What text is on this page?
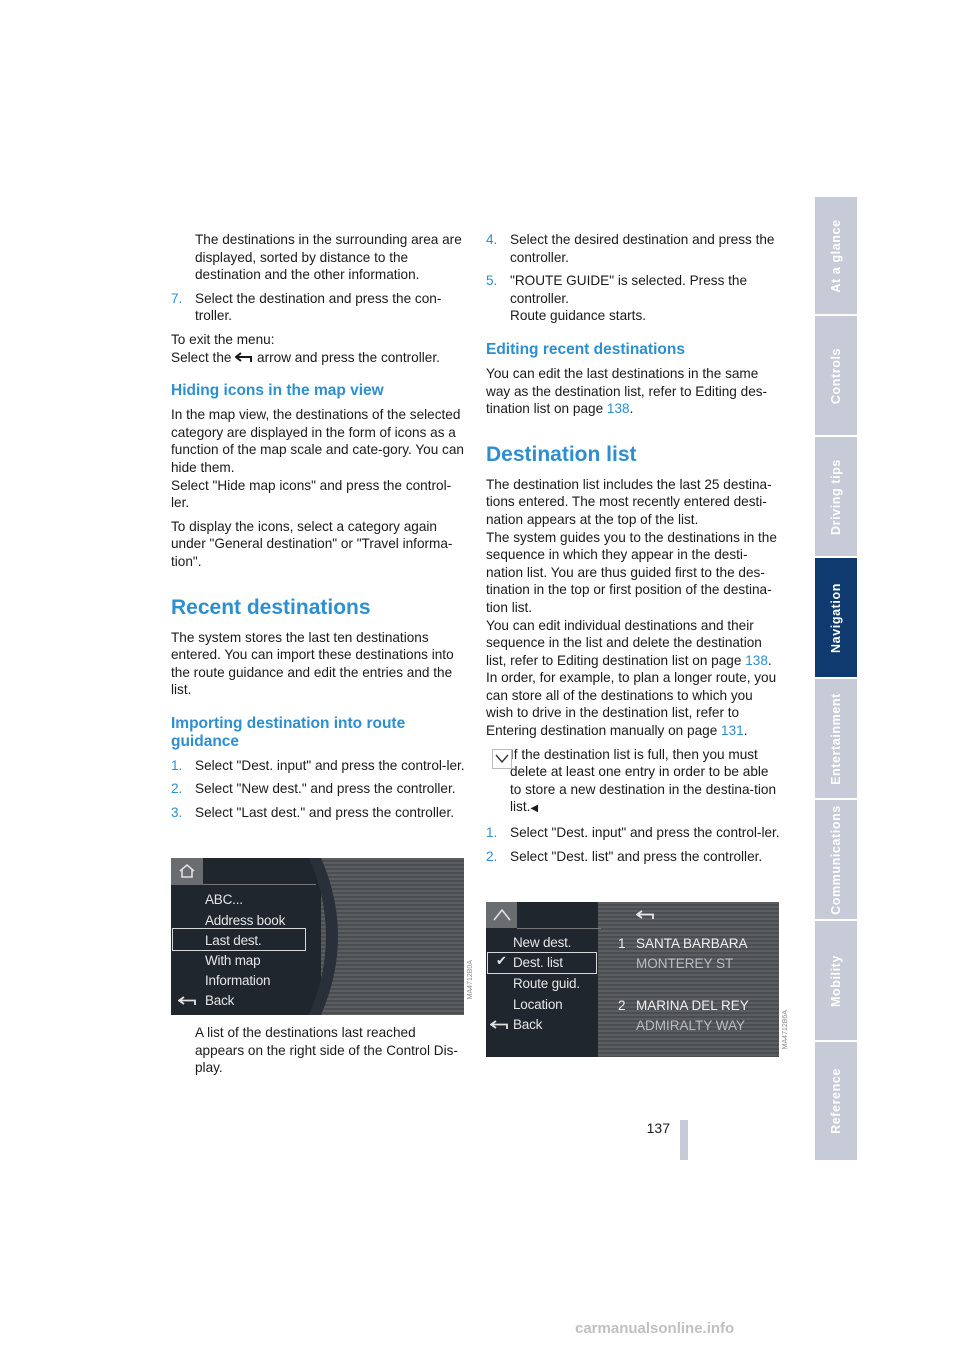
The destinations in the surrounding area are displayed, sorted by distance to the destination and the other information.

7. Select the destination and press the con-troller.

To exit the menu:
Select the arrow and press the controller.

Hiding icons in the map view

In the map view, the destinations of the selected category are displayed in the form of icons as a function of the map scale and cate-gory. You can hide them.

Select "Hide map icons" and press the control-ler.

To display the icons, select a category again under "General destination" or "Travel informa-tion".

Recent destinations

The system stores the last ten destinations entered. You can import these destinations into the route guidance and edit the entries and the list.

Importing destination into route guidance
1. Select "Dest. input" and press the control-ler.
2. Select "New dest." and press the controller.
3. Select "Last dest." and press the controller.
ABC...
Address book
Last dest.
With map
Information
Back
MA4712B0A

A list of the destinations last reached appears on the right side of the Control Dis-play.

4. Select the desired destination and press the controller.
5. "ROUTE GUIDE" is selected. Press the controller.

Route guidance starts.

Editing recent destinations

You can edit the last destinations in the same way as the destination list, refer to Editing des-tination list on page 138.

Destination list

The destination list includes the last 25 destina-tions entered. The most recently entered desti-nation appears at the top of the list.

The system guides you to the destinations in the sequence in which they appear in the desti-nation list. You are thus guided first to the des-tination in the top or first position of the destina-tion list.

You can edit individual destinations and their sequence in the list and delete the destination list, refer to Editing destination list on page 138.

In order, for example, to plan a longer route, you can store all of the destinations to which you wish to drive in the destination list, refer to Entering destination manually on page 131.

If the destination list is full, then you must delete at least one entry in order to be able to store a new destination in the destina-tion list.◀

1. Select "Dest. input" and press the control-ler.
2. Select "Dest. list" and press the controller.
New dest.
✔ Dest. list
Route guid.
Location
Back
1 SANTA BARBARA
MONTEREY ST
2 MARINA DEL REY
ADMIRALTY WAY	MA4712B6A
At a glance
Controls
Driving tips
Navigation
Entertainment
Communications
Mobility
Reference
137
carmanualsonline.info
